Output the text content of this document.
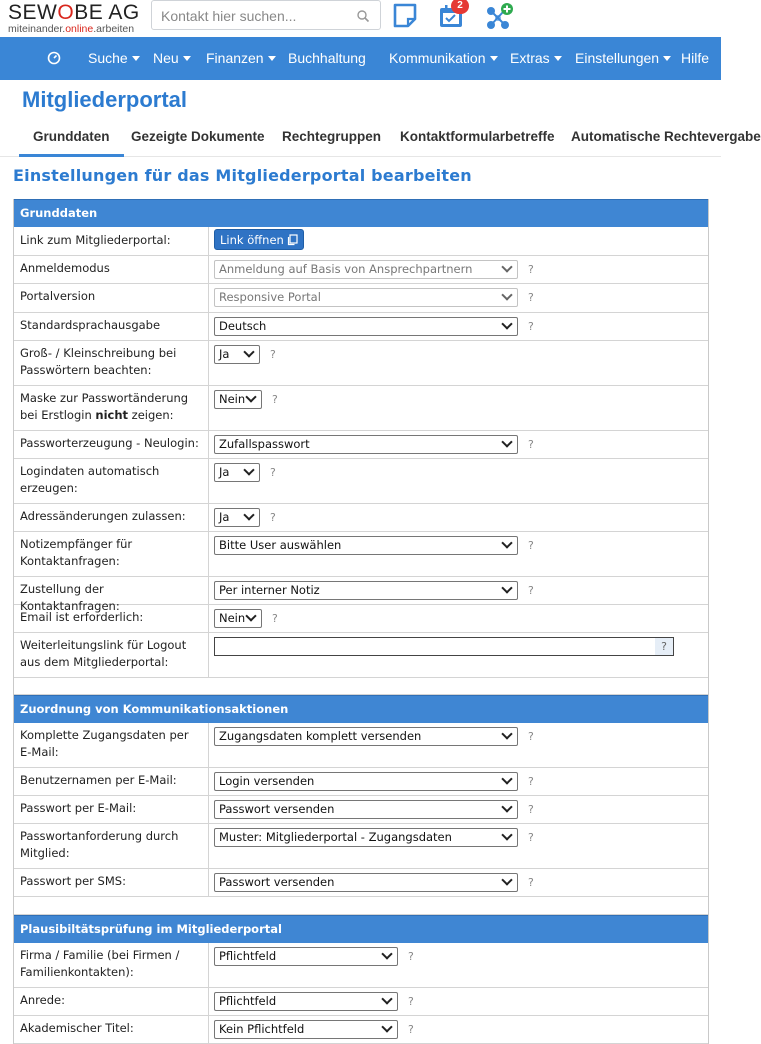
SEWOBE AG
miteinander.online.arbeiten
Kontakt hier suchen...
2
Suche	Neu	Finanzen	Buchhaltung Kommunikation	Extras	Einstellungen	Hilfe
Mitgliederportal
Grunddaten Gezeigte Dokumente Rechtegruppen Kontaktformularbetreffe Automatische Rechtevergabe
Einstellungen für das Mitgliederportal bearbeiten
Grunddaten
Link zum Mitgliederportal:	Link öffnen
Anmeldemodus	Anmeldung auf Basis von Ansprechpartnern	?
Portalversion	Responsive Portal	?
Standardsprachausgabe	Deutsch	?
Groß- / Kleinschreibung bei Passwörtern beachten:
Ja	?
Maske zur Passwortänderung bei Erstlogin nicht zeigen:
Nein ?
Passworterzeugung - Neulogin:	Zufallspasswort	?
Logindaten automatisch erzeugen:
Ja	?
Adressänderungen zulassen:	Ja	?
Notizempfänger für Kontaktanfragen:
Bitte User auswählen	?
Zustellung der Kontaktanfragen:
Per interner Notiz	?
Email ist erforderlich:	Nein ?
Weiterleitungslink für Logout aus dem Mitgliederportal:
?
Zuordnung von Kommunikationsaktionen
Komplette Zugangsdaten per E-Mail:
Zugangsdaten komplett versenden	?
Benutzernamen per E-Mail:	Login versenden	?
Passwort per E-Mail:	Passwort versenden	?
Passwortanforderung durch Mitglied:
Muster: Mitgliederportal - Zugangsdaten	?
Passwort per SMS:	Passwort versenden	?
Plausibiltätsprüfung im Mitgliederportal
Firma / Familie (bei Firmen / Familienkontakten):
Pflichtfeld	?
Anrede:	Pflichtfeld	?
Akademischer Titel:	Kein Pflichtfeld	?
